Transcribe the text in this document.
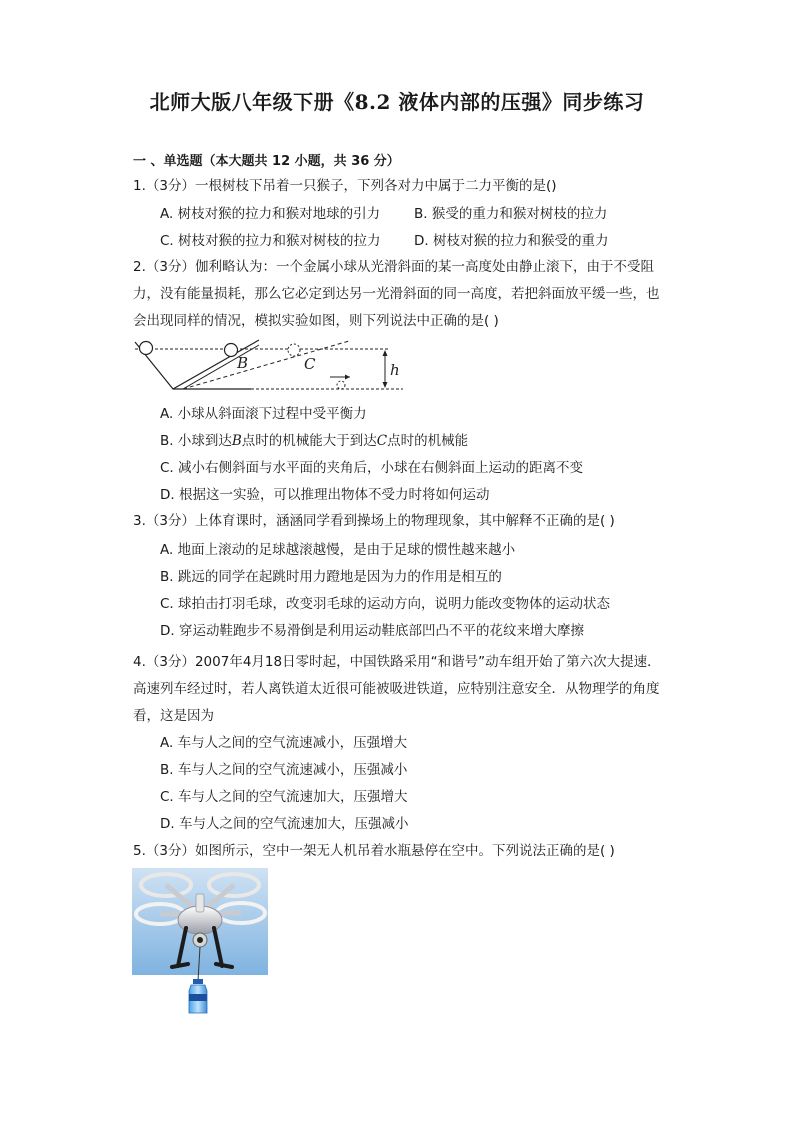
北师大版八年级下册《8.2 液体内部的压强》同步练习
一 、单选题（本大题共 12 小题，共 36 分）
1.（3分）一根树枝下吊着一只猴子，下列各对力中属于二力平衡的是()
A. 树枝对猴的拉力和猴对地球的引力	B. 猴受的重力和猴对树枝的拉力
C. 树枝对猴的拉力和猴对树枝的拉力 D. 树枝对猴的拉力和猴受的重力
2.（3分）伽利略认为：一个金属小球从光滑斜面的某一高度处由静止滚下，由于不受阻力，没有能量损耗，那么它必定到达另一光滑斜面的同一高度，若把斜面放平缓一些，也会出现同样的情况，模拟实验如图，则下列说法中正确的是( )
B	C	h
A. 小球从斜面滚下过程中受平衡力
B. 小球到达B点时的机械能大于到达C点时的机械能
C. 减小右侧斜面与水平面的夹角后，小球在右侧斜面上运动的距离不变
D. 根据这一实验，可以推理出物体不受力时将如何运动
3.（3分）上体育课时，涵涵同学看到操场上的物理现象，其中解释不正确的是( )
A. 地面上滚动的足球越滚越慢，是由于足球的惯性越来越小
B. 跳远的同学在起跳时用力蹬地是因为力的作用是相互的
C. 球拍击打羽毛球，改变羽毛球的运动方向，说明力能改变物体的运动状态
D. 穿运动鞋跑步不易滑倒是利用运动鞋底部凹凸不平的花纹来增大摩擦
4.（3分）2007年4月18日零时起，中国铁路采用“和谐号”动车组开始了第六次大提速．高速列车经过时，若人离铁道太近很可能被吸进铁道，应特别注意安全．从物理学的角度看，这是因为
A. 车与人之间的空气流速减小，压强增大
B. 车与人之间的空气流速减小，压强减小
C. 车与人之间的空气流速加大，压强增大
D. 车与人之间的空气流速加大，压强减小
5.（3分）如图所示，空中一架无人机吊着水瓶悬停在空中。下列说法正确的是( )
